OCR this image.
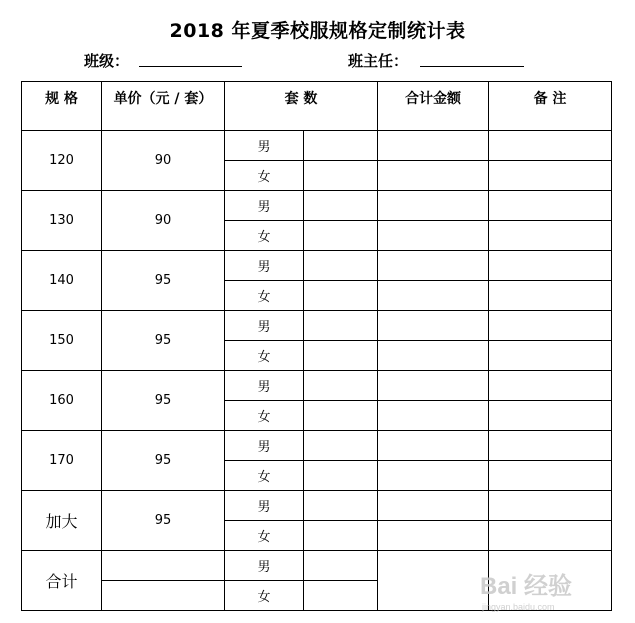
2018 年夏季校服规格定制统计表
班级：	班主任：
规 格	单价（元 / 套）	套 数		合计金额	备 注
120	90	男			
		女			
130	90	男			
		女			
140	95	男			
		女			
150	95	男			
		女			
160	95	男			
		女			
170	95	男			
		女			
加大	95	男			
		女			
合计		男			
		女				Bai 经验
jingyan.baidu.com
